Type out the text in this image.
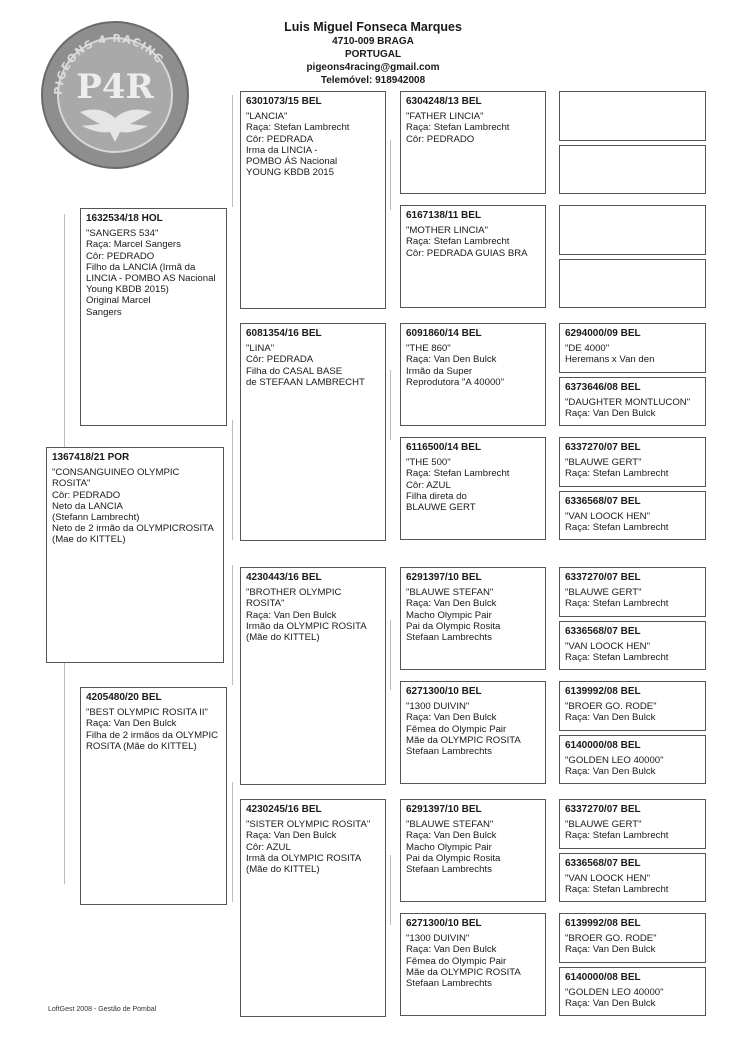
PIGEONS 4 RACING
P4R
Luis Miguel Fonseca Marques
4710-009 BRAGA
PORTUGAL
pigeons4racing@gmail.com
Telemóvel: 918942008
1367418/21 POR
"CONSANGUINEO OLYMPIC ROSITA"
Côr: PEDRADO
Neto da LANCIA
(Stefann Lambrecht)
Neto de 2 irmão da OLYMPICROSITA (Mae do KITTEL)
1632534/18 HOL
"SANGERS 534"
Raça: Marcel Sangers
Côr: PEDRADO
Filho da LANCIA (Irmã da LINCIA - POMBO AS Nacional Young KBDB 2015)
Original Marcel
Sangers
4205480/20 BEL
"BEST OLYMPIC ROSITA II"
Raça: Van Den Bulck
Filha de 2 irmãos da OLYMPIC ROSITA (Mãe do KITTEL)
6301073/15 BEL
"LANCIA"
Raça: Stefan Lambrecht
Côr: PEDRADA
Irma da LINCIA -
POMBO ÁS Nacional
YOUNG KBDB 2015
6081354/16 BEL
"LINA"
Côr: PEDRADA
Filha do CASAL BASE
de STEFAAN LAMBRECHT
4230443/16 BEL
"BROTHER OLYMPIC ROSITA"
Raça: Van Den Bulck
Irmão da OLYMPIC ROSITA (Mãe do KITTEL)
4230245/16 BEL
"SISTER OLYMPIC ROSITA"
Raça: Van Den Bulck
Côr: AZUL
Irmã da OLYMPIC ROSITA (Mãe do KITTEL)
6304248/13 BEL
"FATHER LINCIA"
Raça: Stefan Lambrecht
Côr: PEDRADO
6167138/11 BEL
"MOTHER LINCIA"
Raça: Stefan Lambrecht
Côr: PEDRADA GUIAS BRA
6091860/14 BEL
"THE 860"
Raça: Van Den Bulck
Irmão da Super
Reprodutora "A 40000"
6116500/14 BEL
"THE 500"
Raça: Stefan Lambrecht
Côr: AZUL
Filha direta do
BLAUWE GERT
6291397/10 BEL
"BLAUWE STEFAN"
Raça: Van Den Bulck
Macho Olympic Pair
Pai da Olympic Rosita
Stefaan Lambrechts
6271300/10 BEL
"1300 DUIVIN"
Raça: Van Den Bulck
Fêmea do Olympic Pair
Mãe da OLYMPIC ROSITA
Stefaan Lambrechts
6291397/10 BEL
"BLAUWE STEFAN"
Raça: Van Den Bulck
Macho Olympic Pair
Pai da Olympic Rosita
Stefaan Lambrechts
6271300/10 BEL
"1300 DUIVIN"
Raça: Van Den Bulck
Fêmea do Olympic Pair
Mãe da OLYMPIC ROSITA
Stefaan Lambrechts
6294000/09 BEL
"DE 4000"
Heremans x Van den
6373646/08 BEL
"DAUGHTER MONTLUCON"
Raça: Van Den Bulck
6337270/07 BEL
"BLAUWE GERT"
Raça: Stefan Lambrecht
6336568/07 BEL
"VAN LOOCK HEN"
Raça: Stefan Lambrecht
6337270/07 BEL
"BLAUWE GERT"
Raça: Stefan Lambrecht
6336568/07 BEL
"VAN LOOCK HEN"
Raça: Stefan Lambrecht
6139992/08 BEL
"BROER GO. RODE"
Raça: Van Den Bulck
6140000/08 BEL
"GOLDEN LEO 40000"
Raça: Van Den Bulck
6337270/07 BEL
"BLAUWE GERT"
Raça: Stefan Lambrecht
6336568/07 BEL
"VAN LOOCK HEN"
Raça: Stefan Lambrecht
6139992/08 BEL
"BROER GO. RODE"
Raça: Van Den Bulck
6140000/08 BEL
"GOLDEN LEO 40000"
Raça: Van Den Bulck
LoftGest 2008 - Gestão de Pombal
